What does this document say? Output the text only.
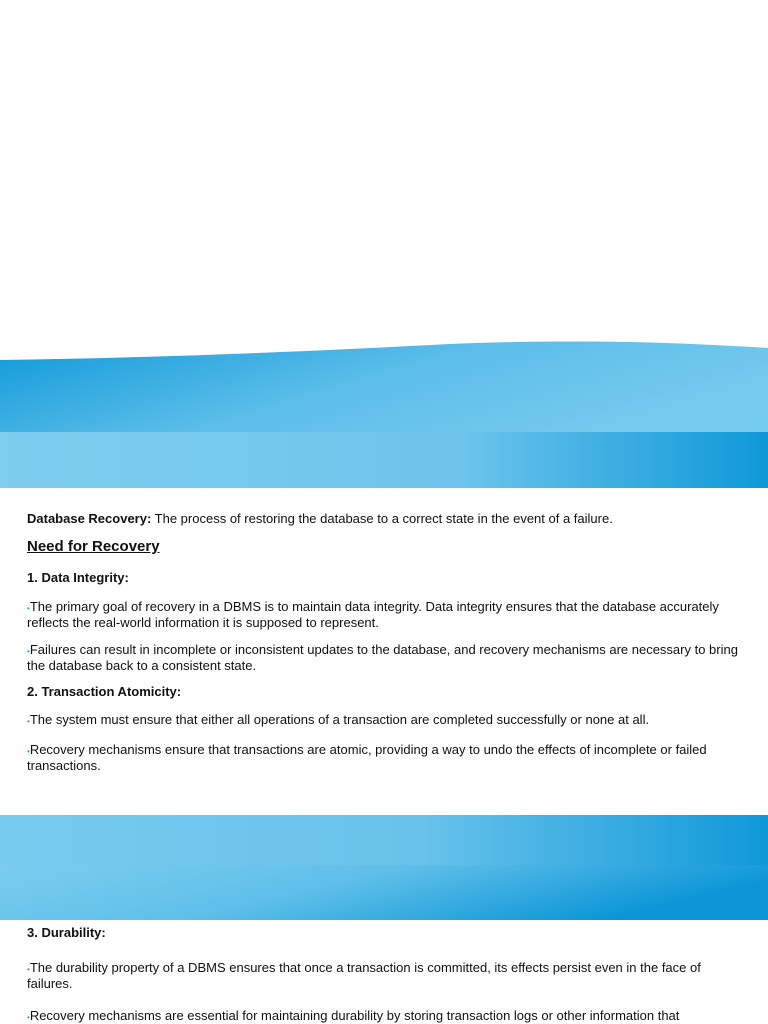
Database Recovery: The process of restoring the database to a correct state in the event of a failure.

Need for Recovery

1. Data Integrity:

•The primary goal of recovery in a DBMS is to maintain data integrity. Data integrity ensures that the database accurately reflects the real-world information it is supposed to represent.

•Failures can result in incomplete or inconsistent updates to the database, and recovery mechanisms are necessary to bring the database back to a consistent state.

2. Transaction Atomicity:

•The system must ensure that either all operations of a transaction are completed successfully or none at all.

•Recovery mechanisms ensure that transactions are atomic, providing a way to undo the effects of incomplete or failed transactions.

3. Durability:

•The durability property of a DBMS ensures that once a transaction is committed, its effects persist even in the face of failures.

•Recovery mechanisms are essential for maintaining durability by storing transaction logs or other information that
